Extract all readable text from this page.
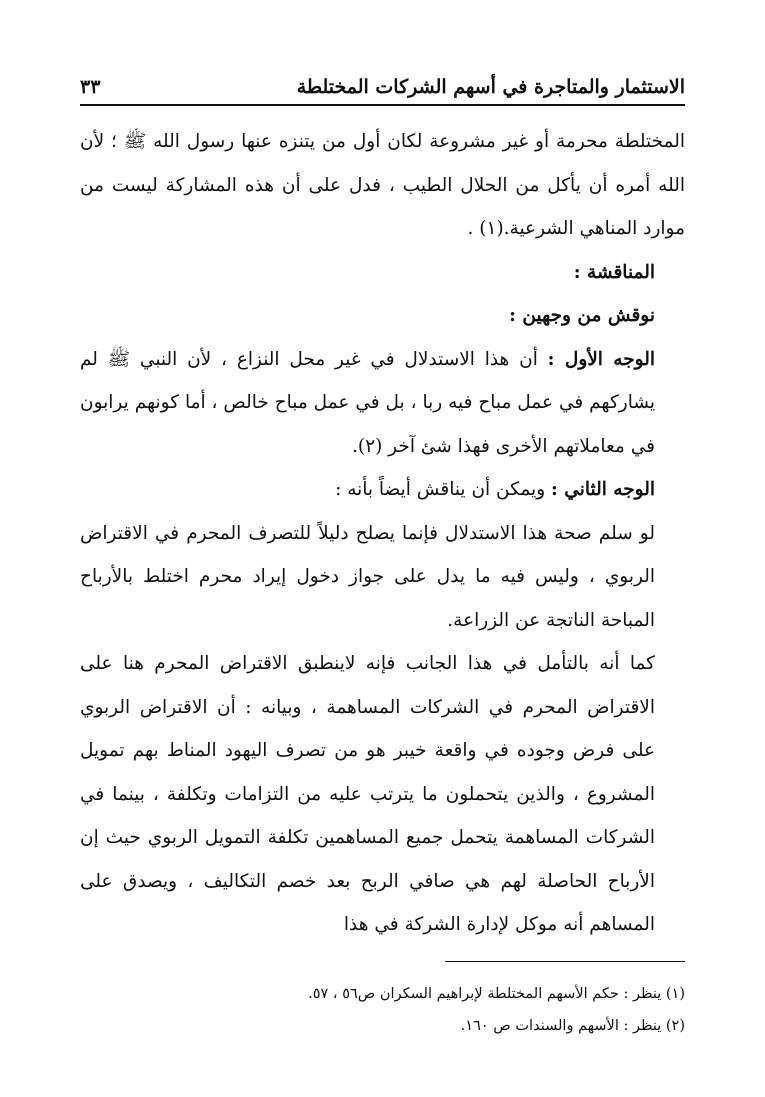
الاستثمار والمتاجرة في أسهم الشركات المختلطة
٣٣

المختلطة محرمة أو غير مشروعة لكان أول من يتنزه عنها رسول الله ﷺ ؛ لأن الله أمره أن يأكل من الحلال الطيب ، فدل على أن هذه المشاركة ليست من موارد المناهي الشرعية.(١) .

المناقشة :

نوقش من وجهين :

الوجه الأول : أن هذا الاستدلال في غير محل النزاع ، لأن النبي ﷺ لم يشاركهم في عمل مباح فيه ربا ، بل في عمل مباح خالص ، أما كونهم يرابون في معاملاتهم الأخرى فهذا شئ آخر (٢).

الوجه الثاني : ويمكن أن يناقش أيضاً بأنه :

لو سلم صحة هذا الاستدلال فإنما يصلح دليلاً للتصرف المحرم في الاقتراض الربوي ، وليس فيه ما يدل على جواز دخول إيراد محرم اختلط بالأرباح المباحة الناتجة عن الزراعة.

كما أنه بالتأمل في هذا الجانب فإنه لاينطبق الاقتراض المحرم هنا على الاقتراض المحرم في الشركات المساهمة ، وبيانه : أن الاقتراض الربوي على فرض وجوده في واقعة خيبر هو من تصرف اليهود المناط بهم تمويل المشروع ، والذين يتحملون ما يترتب عليه من التزامات وتكلفة ، بينما في الشركات المساهمة يتحمل جميع المساهمين تكلفة التمويل الربوي حيث إن الأرباح الحاصلة لهم هي صافي الربح بعد خصم التكاليف ، ويصدق على المساهم أنه موكل لإدارة الشركة في هذا

(١) ينظر : حكم الأسهم المختلطة لإبراهيم السكران ص٥٦ ، ٥٧.

(٢) ينظر : الأسهم والسندات ص ١٦٠.
